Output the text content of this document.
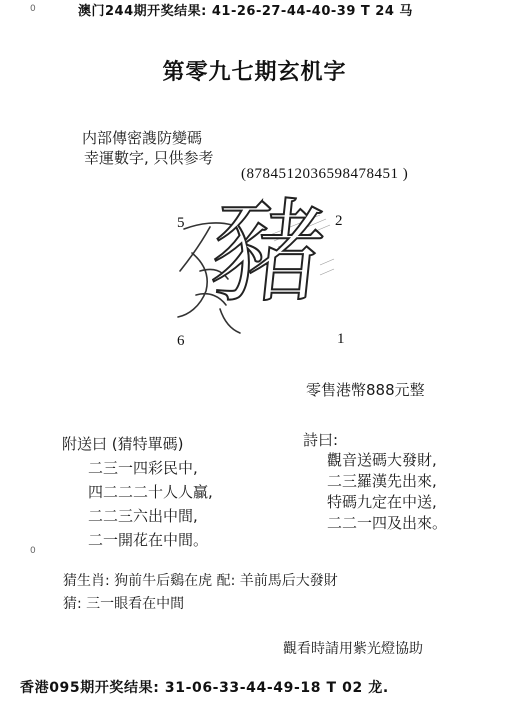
0	澳门244期开奖结果: 41-26-27-44-40-39 T 24 马
第零九七期玄机字
内部傳密謢防變碼
幸運數字, 只供参考
(8784512036598478451 )
5	2
6	1
豬
零售港幣888元整
附送曰 (猜特單碼)
二三一四彩民中,
四二二二十人人贏,
二二三六出中間,
二一開花在中間。
詩曰:
觀音送碼大發財,
二三羅漢先出來,
特碼九定在中送,
二二一四及出來。
0
猜生肖: 狗前牛后鷄在虎 配: 羊前馬后大發財
猜: 三一眼看在中間
觀看時請用紫光燈協助
香港095期开奖结果: 31-06-33-44-49-18 T 02 龙.
